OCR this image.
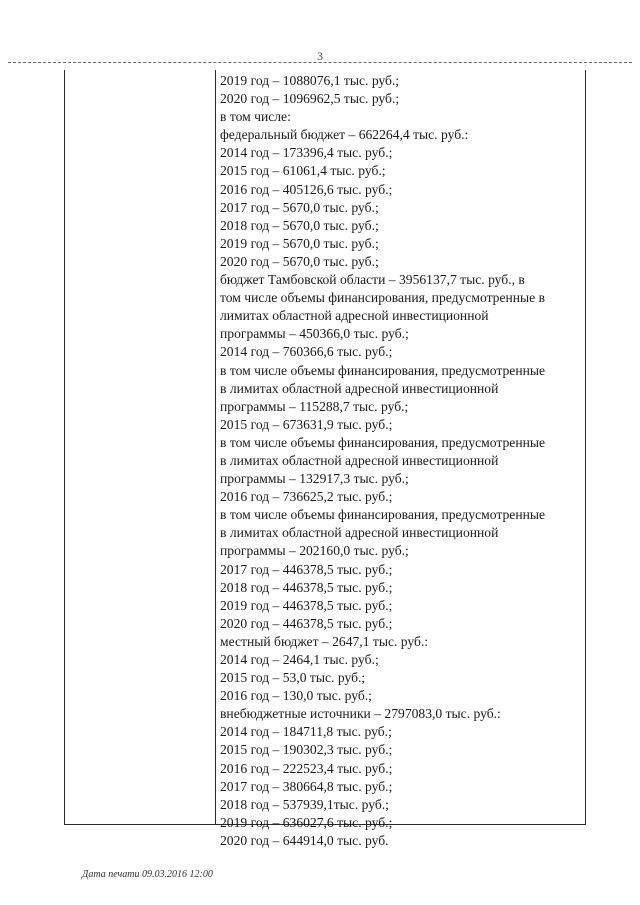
3

2019 год – 1088076,1 тыс. руб.;

2020 год – 1096962,5 тыс. руб.;

в том числе:

федеральный бюджет – 662264,4 тыс. руб.:

2014 год – 173396,4 тыс. руб.;

2015 год – 61061,4 тыс. руб.;

2016 год – 405126,6 тыс. руб.;

2017 год – 5670,0 тыс. руб.;

2018 год – 5670,0 тыс. руб.;

2019 год – 5670,0 тыс. руб.;

2020 год – 5670,0 тыс. руб.;

бюджет Тамбовской области – 3956137,7 тыс. руб., в

том числе объемы финансирования, предусмотренные в

лимитах областной адресной инвестиционной

программы – 450366,0 тыс. руб.;

2014 год – 760366,6 тыс. руб.;

в том числе объемы финансирования, предусмотренные

в лимитах областной адресной инвестиционной

программы – 115288,7 тыс. руб.;

2015 год – 673631,9 тыс. руб.;

в том числе объемы финансирования, предусмотренные

в лимитах областной адресной инвестиционной

программы – 132917,3 тыс. руб.;

2016 год – 736625,2 тыс. руб.;

в том числе объемы финансирования, предусмотренные

в лимитах областной адресной инвестиционной

программы – 202160,0 тыс. руб.;

2017 год – 446378,5 тыс. руб.;

2018 год – 446378,5 тыс. руб.;

2019 год – 446378,5 тыс. руб.;

2020 год – 446378,5 тыс. руб.;

местный бюджет – 2647,1 тыс. руб.:

2014 год – 2464,1 тыс. руб.;

2015 год – 53,0 тыс. руб.;

2016 год – 130,0 тыс. руб.;

внебюджетные источники – 2797083,0 тыс. руб.:

2014 год – 184711,8 тыс. руб.;

2015 год – 190302,3 тыс. руб.;

2016 год – 222523,4 тыс. руб.;

2017 год – 380664,8 тыс. руб.;

2018 год – 537939,1тыс. руб.;

2019 год – 636027,6 тыс. руб.;

2020 год – 644914,0 тыс. руб.

Дата печати 09.03.2016 12:00
